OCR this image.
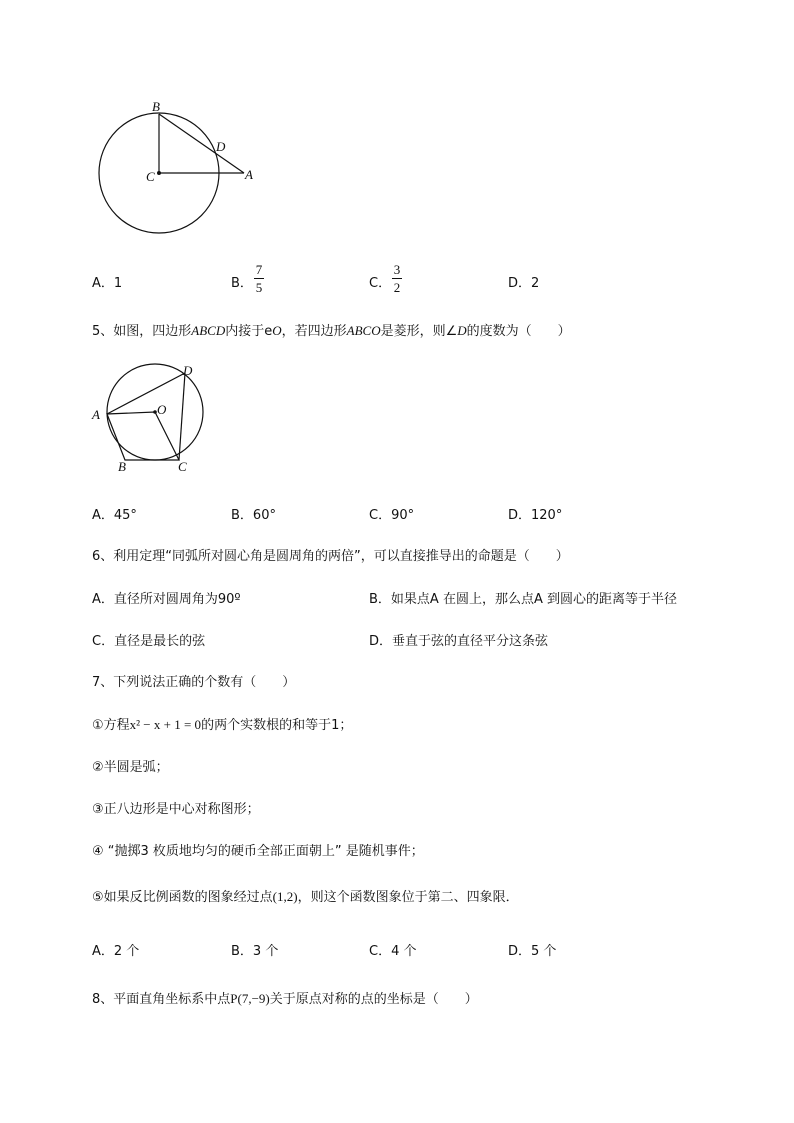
B
C
D
A
A．1	B．
7
5	C．
3
2	D．2
5、如图，四边形ABCD内接于eO，若四边形ABCO是菱形，则∠D的度数为（　　）
A
B	C
D
O
A．45°	B．60°	C．90°	D．120°
6、利用定理“同弧所对圆心角是圆周角的两倍”，可以直接推导出的命题是（　　）
A．直径所对圆周角为90º	B．如果点A 在圆上，那么点A 到圆心的距离等于半径
C．直径是最长的弦	D．垂直于弦的直径平分这条弦
7、下列说法正确的个数有（　　）
①方程x² − x + 1 = 0的两个实数根的和等于1；
②半圆是弧；
③正八边形是中心对称图形；
④ “抛掷3 枚质地均匀的硬币全部正面朝上” 是随机事件；
⑤如果反比例函数的图象经过点(1,2)，则这个函数图象位于第二、四象限．
A．2 个	B．3 个	C．4 个	D．5 个
8、平面直角坐标系中点P(7,−9)关于原点对称的点的坐标是（　　）
